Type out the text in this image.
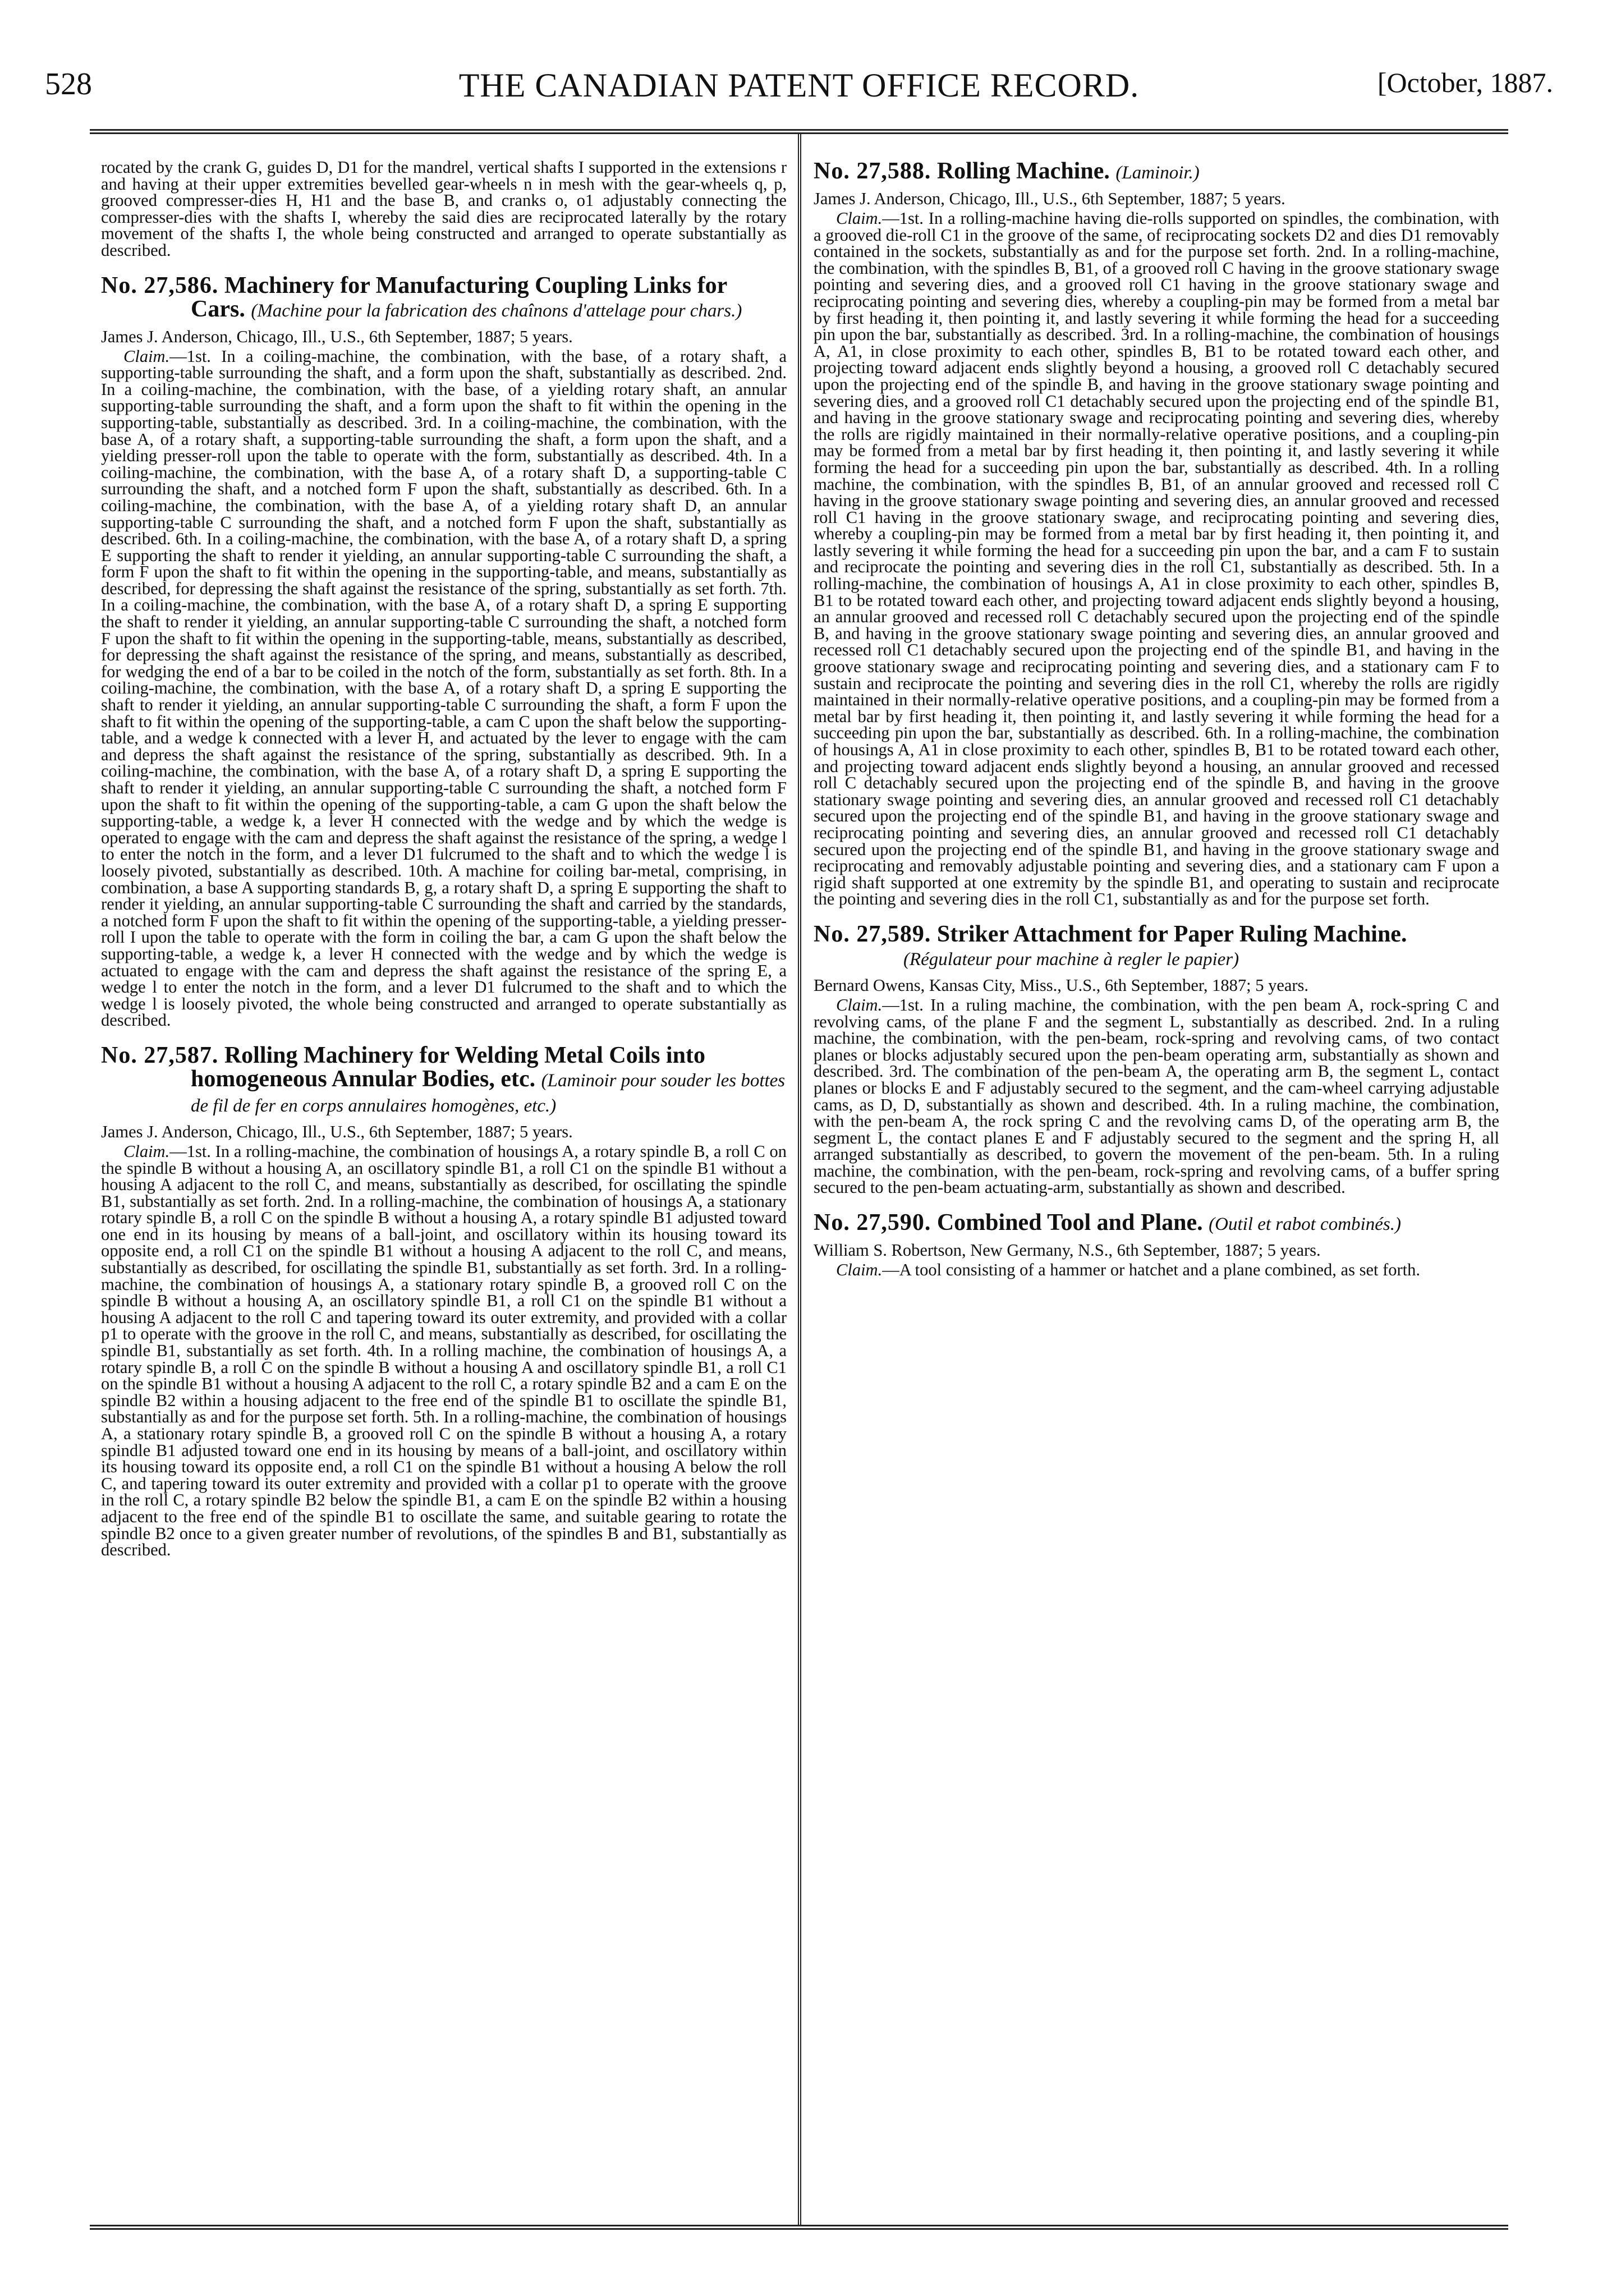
528	THE CANADIAN PATENT OFFICE RECORD.	[October, 1887.

rocated by the crank G, guides D, D1 for the mandrel, vertical shafts I supported in the extensions r and having at their upper extremities bevelled gear-wheels n in mesh with the gear-wheels q, p, grooved compresser-dies H, H1 and the base B, and cranks o, o1 adjustably connecting the compresser-dies with the shafts I, whereby the said dies are reciprocated laterally by the rotary movement of the shafts I, the whole being constructed and arranged to operate substantially as described.

No. 27,586. Machinery for Manufacturing Coupling Links for Cars. (Machine pour la fabrication des chaînons d'attelage pour chars.)

James J. Anderson, Chicago, Ill., U.S., 6th September, 1887; 5 years.

Claim.—1st. In a coiling-machine, the combination, with the base, of a rotary shaft, a supporting-table surrounding the shaft, and a form upon the shaft, substantially as described. 2nd. In a coiling-machine, the combination, with the base, of a yielding rotary shaft, an annular supporting-table surrounding the shaft, and a form upon the shaft to fit within the opening in the supporting-table, substantially as described. 3rd. In a coiling-machine, the combination, with the base A, of a rotary shaft, a supporting-table surrounding the shaft, a form upon the shaft, and a yielding presser-roll upon the table to operate with the form, substantially as described. 4th. In a coiling-machine, the combination, with the base A, of a rotary shaft D, a supporting-table C surrounding the shaft, and a notched form F upon the shaft, substantially as described. 6th. In a coiling-machine, the combination, with the base A, of a yielding rotary shaft D, an annular supporting-table C surrounding the shaft, and a notched form F upon the shaft, substantially as described. 6th. In a coiling-machine, the combination, with the base A, of a rotary shaft D, a spring E supporting the shaft to render it yielding, an annular supporting-table C surrounding the shaft, a form F upon the shaft to fit within the opening in the supporting-table, and means, substantially as described, for depressing the shaft against the resistance of the spring, substantially as set forth. 7th. In a coiling-machine, the combination, with the base A, of a rotary shaft D, a spring E supporting the shaft to render it yielding, an annular supporting-table C surrounding the shaft, a notched form F upon the shaft to fit within the opening in the supporting-table, means, substantially as described, for depressing the shaft against the resistance of the spring, and means, substantially as described, for wedging the end of a bar to be coiled in the notch of the form, substantially as set forth. 8th. In a coiling-machine, the combination, with the base A, of a rotary shaft D, a spring E supporting the shaft to render it yielding, an annular supporting-table C surrounding the shaft, a form F upon the shaft to fit within the opening of the supporting-table, a cam C upon the shaft below the supporting-table, and a wedge k connected with a lever H, and actuated by the lever to engage with the cam and depress the shaft against the resistance of the spring, substantially as described. 9th. In a coiling-machine, the combination, with the base A, of a rotary shaft D, a spring E supporting the shaft to render it yielding, an annular supporting-table C surrounding the shaft, a notched form F upon the shaft to fit within the opening of the supporting-table, a cam G upon the shaft below the supporting-table, a wedge k, a lever H connected with the wedge and by which the wedge is operated to engage with the cam and depress the shaft against the resistance of the spring, a wedge l to enter the notch in the form, and a lever D1 fulcrumed to the shaft and to which the wedge l is loosely pivoted, substantially as described. 10th. A machine for coiling bar-metal, comprising, in combination, a base A supporting standards B, g, a rotary shaft D, a spring E supporting the shaft to render it yielding, an annular supporting-table C surrounding the shaft and carried by the standards, a notched form F upon the shaft to fit within the opening of the supporting-table, a yielding presser-roll I upon the table to operate with the form in coiling the bar, a cam G upon the shaft below the supporting-table, a wedge k, a lever H connected with the wedge and by which the wedge is actuated to engage with the cam and depress the shaft against the resistance of the spring E, a wedge l to enter the notch in the form, and a lever D1 fulcrumed to the shaft and to which the wedge l is loosely pivoted, the whole being constructed and arranged to operate substantially as described.

No. 27,587. Rolling Machinery for Welding Metal Coils into homogeneous Annular Bodies, etc. (Laminoir pour souder les bottes de fil de fer en corps annulaires homogènes, etc.)

James J. Anderson, Chicago, Ill., U.S., 6th September, 1887; 5 years.

Claim.—1st. In a rolling-machine, the combination of housings A, a rotary spindle B, a roll C on the spindle B without a housing A, an oscillatory spindle B1, a roll C1 on the spindle B1 without a housing A adjacent to the roll C, and means, substantially as described, for oscillating the spindle B1, substantially as set forth. 2nd. In a rolling-machine, the combination of housings A, a stationary rotary spindle B, a roll C on the spindle B without a housing A, a rotary spindle B1 adjusted toward one end in its housing by means of a ball-joint, and oscillatory within its housing toward its opposite end, a roll C1 on the spindle B1 without a housing A adjacent to the roll C, and means, substantially as described, for oscillating the spindle B1, substantially as set forth. 3rd. In a rolling-machine, the combination of housings A, a stationary rotary spindle B, a grooved roll C on the spindle B without a housing A, an oscillatory spindle B1, a roll C1 on the spindle B1 without a housing A adjacent to the roll C and tapering toward its outer extremity, and provided with a collar p1 to operate with the groove in the roll C, and means, substantially as described, for oscillating the spindle B1, substantially as set forth. 4th. In a rolling machine, the combination of housings A, a rotary spindle B, a roll C on the spindle B without a housing A and oscillatory spindle B1, a roll C1 on the spindle B1 without a housing A adjacent to the roll C, a rotary spindle B2 and a cam E on the spindle B2 within a housing adjacent to the free end of the spindle B1 to oscillate the spindle B1, substantially as and for the purpose set forth. 5th. In a rolling-machine, the combination of housings A, a stationary rotary spindle B, a grooved roll C on the spindle B without a housing A, a rotary spindle B1 adjusted toward one end in its housing by means of a ball-joint, and oscillatory within its housing toward its opposite end, a roll C1 on the spindle B1 without a housing A below the roll C, and tapering toward its outer extremity and provided with a collar p1 to operate with the groove in the roll C, a rotary spindle B2 below the spindle B1, a cam E on the spindle B2 within a housing adjacent to the free end of the spindle B1 to oscillate the same, and suitable gearing to rotate the spindle B2 once to a given greater number of revolutions, of the spindles B and B1, substantially as described.

No. 27,588. Rolling Machine. (Laminoir.)

James J. Anderson, Chicago, Ill., U.S., 6th September, 1887; 5 years.

Claim.—1st. In a rolling-machine having die-rolls supported on spindles, the combination, with a grooved die-roll C1 in the groove of the same, of reciprocating sockets D2 and dies D1 removably contained in the sockets, substantially as and for the purpose set forth. 2nd. In a rolling-machine, the combination, with the spindles B, B1, of a grooved roll C having in the groove stationary swage pointing and severing dies, and a grooved roll C1 having in the groove stationary swage and reciprocating pointing and severing dies, whereby a coupling-pin may be formed from a metal bar by first heading it, then pointing it, and lastly severing it while forming the head for a succeeding pin upon the bar, substantially as described. 3rd. In a rolling-machine, the combination of housings A, A1, in close proximity to each other, spindles B, B1 to be rotated toward each other, and projecting toward adjacent ends slightly beyond a housing, a grooved roll C detachably secured upon the projecting end of the spindle B, and having in the groove stationary swage pointing and severing dies, and a grooved roll C1 detachably secured upon the projecting end of the spindle B1, and having in the groove stationary swage and reciprocating pointing and severing dies, whereby the rolls are rigidly maintained in their normally-relative operative positions, and a coupling-pin may be formed from a metal bar by first heading it, then pointing it, and lastly severing it while forming the head for a succeeding pin upon the bar, substantially as described. 4th. In a rolling machine, the combination, with the spindles B, B1, of an annular grooved and recessed roll C having in the groove stationary swage pointing and severing dies, an annular grooved and recessed roll C1 having in the groove stationary swage, and reciprocating pointing and severing dies, whereby a coupling-pin may be formed from a metal bar by first heading it, then pointing it, and lastly severing it while forming the head for a succeeding pin upon the bar, and a cam F to sustain and reciprocate the pointing and severing dies in the roll C1, substantially as described. 5th. In a rolling-machine, the combination of housings A, A1 in close proximity to each other, spindles B, B1 to be rotated toward each other, and projecting toward adjacent ends slightly beyond a housing, an annular grooved and recessed roll C detachably secured upon the projecting end of the spindle B, and having in the groove stationary swage pointing and severing dies, an annular grooved and recessed roll C1 detachably secured upon the projecting end of the spindle B1, and having in the groove stationary swage and reciprocating pointing and severing dies, and a stationary cam F to sustain and reciprocate the pointing and severing dies in the roll C1, whereby the rolls are rigidly maintained in their normally-relative operative positions, and a coupling-pin may be formed from a metal bar by first heading it, then pointing it, and lastly severing it while forming the head for a succeeding pin upon the bar, substantially as described. 6th. In a rolling-machine, the combination of housings A, A1 in close proximity to each other, spindles B, B1 to be rotated toward each other, and projecting toward adjacent ends slightly beyond a housing, an annular grooved and recessed roll C detachably secured upon the projecting end of the spindle B, and having in the groove stationary swage pointing and severing dies, an annular grooved and recessed roll C1 detachably secured upon the projecting end of the spindle B1, and having in the groove stationary swage and reciprocating pointing and severing dies, an annular grooved and recessed roll C1 detachably secured upon the projecting end of the spindle B1, and having in the groove stationary swage and reciprocating and removably adjustable pointing and severing dies, and a stationary cam F upon a rigid shaft supported at one extremity by the spindle B1, and operating to sustain and reciprocate the pointing and severing dies in the roll C1, substantially as and for the purpose set forth.

No. 27,589. Striker Attachment for Paper Ruling Machine. (Régulateur pour machine à regler le papier)

Bernard Owens, Kansas City, Miss., U.S., 6th September, 1887; 5 years.

Claim.—1st. In a ruling machine, the combination, with the pen beam A, rock-spring C and revolving cams, of the plane F and the segment L, substantially as described. 2nd. In a ruling machine, the combination, with the pen-beam, rock-spring and revolving cams, of two contact planes or blocks adjustably secured upon the pen-beam operating arm, substantially as shown and described. 3rd. The combination of the pen-beam A, the operating arm B, the segment L, contact planes or blocks E and F adjustably secured to the segment, and the cam-wheel carrying adjustable cams, as D, D, substantially as shown and described. 4th. In a ruling machine, the combination, with the pen-beam A, the rock spring C and the revolving cams D, of the operating arm B, the segment L, the contact planes E and F adjustably secured to the segment and the spring H, all arranged substantially as described, to govern the movement of the pen-beam. 5th. In a ruling machine, the combination, with the pen-beam, rock-spring and revolving cams, of a buffer spring secured to the pen-beam actuating-arm, substantially as shown and described.

No. 27,590. Combined Tool and Plane. (Outil et rabot combinés.)

William S. Robertson, New Germany, N.S., 6th September, 1887; 5 years.

Claim.—A tool consisting of a hammer or hatchet and a plane combined, as set forth.
